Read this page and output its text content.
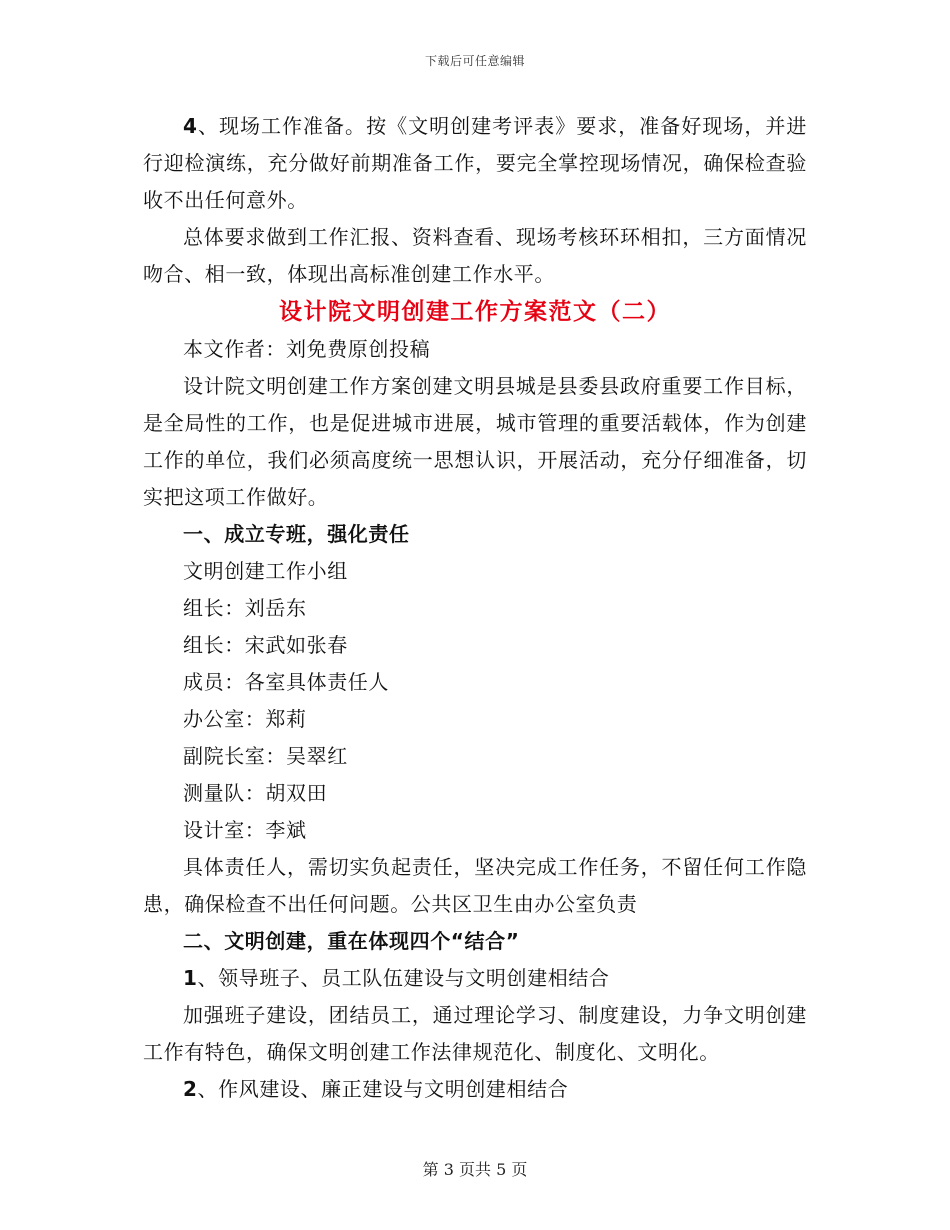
下载后可任意编辑

4、现场工作准备。按《文明创建考评表》要求，准备好现场，并进行迎检演练，充分做好前期准备工作，要完全掌控现场情况，确保检查验收不出任何意外。

总体要求做到工作汇报、资料查看、现场考核环环相扣，三方面情况吻合、相一致，体现出高标准创建工作水平。

设计院文明创建工作方案范文（二）

本文作者：刘免费原创投稿

设计院文明创建工作方案创建文明县城是县委县政府重要工作目标，是全局性的工作，也是促进城市进展，城市管理的重要活载体，作为创建工作的单位，我们必须高度统一思想认识，开展活动，充分仔细准备，切实把这项工作做好。

一、成立专班，强化责任

文明创建工作小组

组长：刘岳东

组长：宋武如张春

成员：各室具体责任人

办公室：郑莉

副院长室：吴翠红

测量队：胡双田

设计室：李斌

具体责任人，需切实负起责任，坚决完成工作任务，不留任何工作隐患，确保检查不出任何问题。公共区卫生由办公室负责

二、文明创建，重在体现四个“结合”

1、领导班子、员工队伍建设与文明创建相结合

加强班子建设，团结员工，通过理论学习、制度建设，力争文明创建工作有特色，确保文明创建工作法律规范化、制度化、文明化。

2、作风建设、廉正建设与文明创建相结合

第 3 页共 5 页
